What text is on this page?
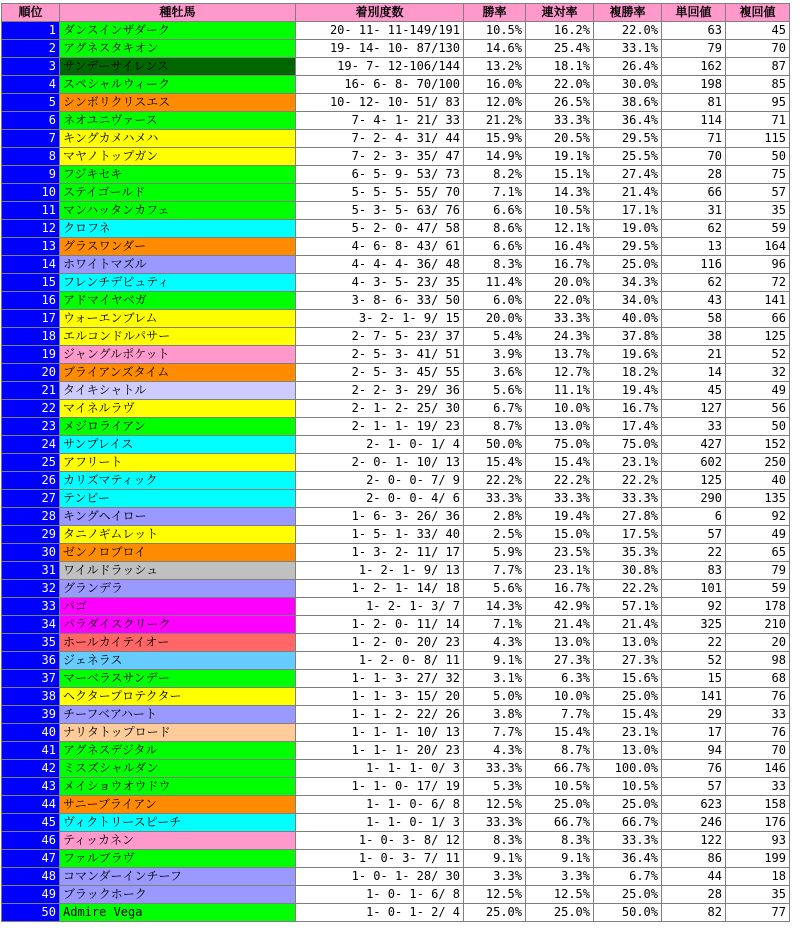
順位	種牡馬	着別度数	勝率	連対率	複勝率	単回値	複回値
1	ダンスインザダーク	20- 11- 11-149/191	10.5%	16.2%	22.0%	63	45
2	アグネスタキオン	19- 14- 10- 87/130	14.6%	25.4%	33.1%	79	70
3	サンデーサイレンス	19- 7- 12-106/144	13.2%	18.1%	26.4%	162	87
4	スペシャルウィーク	16- 6- 8- 70/100	16.0%	22.0%	30.0%	198	85
5	シンボリクリスエス	10- 12- 10- 51/ 83	12.0%	26.5%	38.6%	81	95
6	ネオユニヴァース	7- 4- 1- 21/ 33	21.2%	33.3%	36.4%	114	71
7	キングカメハメハ	7- 2- 4- 31/ 44	15.9%	20.5%	29.5%	71	115
8	マヤノトップガン	7- 2- 3- 35/ 47	14.9%	19.1%	25.5%	70	50
9	フジキセキ	6- 5- 9- 53/ 73	8.2%	15.1%	27.4%	28	75
10	ステイゴールド	5- 5- 5- 55/ 70	7.1%	14.3%	21.4%	66	57
11	マンハッタンカフェ	5- 3- 5- 63/ 76	6.6%	10.5%	17.1%	31	35
12	クロフネ	5- 2- 0- 47/ 58	8.6%	12.1%	19.0%	62	59
13	グラスワンダー	4- 6- 8- 43/ 61	6.6%	16.4%	29.5%	13	164
14	ホワイトマズル	4- 4- 4- 36/ 48	8.3%	16.7%	25.0%	116	96
15	フレンチデピュティ	4- 3- 5- 23/ 35	11.4%	20.0%	34.3%	62	72
16	アドマイヤベガ	3- 8- 6- 33/ 50	6.0%	22.0%	34.0%	43	141
17	ウォーエンブレム	3- 2- 1- 9/ 15	20.0%	33.3%	40.0%	58	66
18	エルコンドルパサー	2- 7- 5- 23/ 37	5.4%	24.3%	37.8%	38	125
19	ジャングルポケット	2- 5- 3- 41/ 51	3.9%	13.7%	19.6%	21	52
20	ブライアンズタイム	2- 5- 3- 45/ 55	3.6%	12.7%	18.2%	14	32
21	タイキシャトル	2- 2- 3- 29/ 36	5.6%	11.1%	19.4%	45	49
22	マイネルラヴ	2- 1- 2- 25/ 30	6.7%	10.0%	16.7%	127	56
23	メジロライアン	2- 1- 1- 19/ 23	8.7%	13.0%	17.4%	33	50
24	サンプレイス	2- 1- 0- 1/ 4	50.0%	75.0%	75.0%	427	152
25	アフリート	2- 0- 1- 10/ 13	15.4%	15.4%	23.1%	602	250
26	カリズマティック	2- 0- 0- 7/ 9	22.2%	22.2%	22.2%	125	40
27	テンビー	2- 0- 0- 4/ 6	33.3%	33.3%	33.3%	290	135
28	キングヘイロー	1- 6- 3- 26/ 36	2.8%	19.4%	27.8%	6	92
29	タニノギムレット	1- 5- 1- 33/ 40	2.5%	15.0%	17.5%	57	49
30	ゼンノロブロイ	1- 3- 2- 11/ 17	5.9%	23.5%	35.3%	22	65
31	ワイルドラッシュ	1- 2- 1- 9/ 13	7.7%	23.1%	30.8%	83	79
32	グランデラ	1- 2- 1- 14/ 18	5.6%	16.7%	22.2%	101	59
33	パゴ	1- 2- 1- 3/ 7	14.3%	42.9%	57.1%	92	178
34	パラダイスクリーク	1- 2- 0- 11/ 14	7.1%	21.4%	21.4%	325	210
35	ホールカイテイオー	1- 2- 0- 20/ 23	4.3%	13.0%	13.0%	22	20
36	ジェネラス	1- 2- 0- 8/ 11	9.1%	27.3%	27.3%	52	98
37	マーベラスサンデー	1- 1- 3- 27/ 32	3.1%	6.3%	15.6%	15	68
38	ヘクタープロテクター	1- 1- 3- 15/ 20	5.0%	10.0%	25.0%	141	76
39	チーフベアハート	1- 1- 2- 22/ 26	3.8%	7.7%	15.4%	29	33
40	ナリタトップロード	1- 1- 1- 10/ 13	7.7%	15.4%	23.1%	17	76
41	アグネスデジタル	1- 1- 1- 20/ 23	4.3%	8.7%	13.0%	94	70
42	ミスズシャルダン	1- 1- 1- 0/ 3	33.3%	66.7%	100.0%	76	146
43	メイショウオウドウ	1- 1- 0- 17/ 19	5.3%	10.5%	10.5%	57	33
44	サニーブライアン	1- 1- 0- 6/ 8	12.5%	25.0%	25.0%	623	158
45	ヴィクトリースピーチ	1- 1- 0- 1/ 3	33.3%	66.7%	66.7%	246	176
46	ティッカネン	1- 0- 3- 8/ 12	8.3%	8.3%	33.3%	122	93
47	ファルブラヴ	1- 0- 3- 7/ 11	9.1%	9.1%	36.4%	86	199
48	コマンダーインチーフ	1- 0- 1- 28/ 30	3.3%	3.3%	6.7%	44	18
49	ブラックホーク	1- 0- 1- 6/ 8	12.5%	12.5%	25.0%	28	35
50	Admire Vega	1- 0- 1- 2/ 4	25.0%	25.0%	50.0%	82	77
